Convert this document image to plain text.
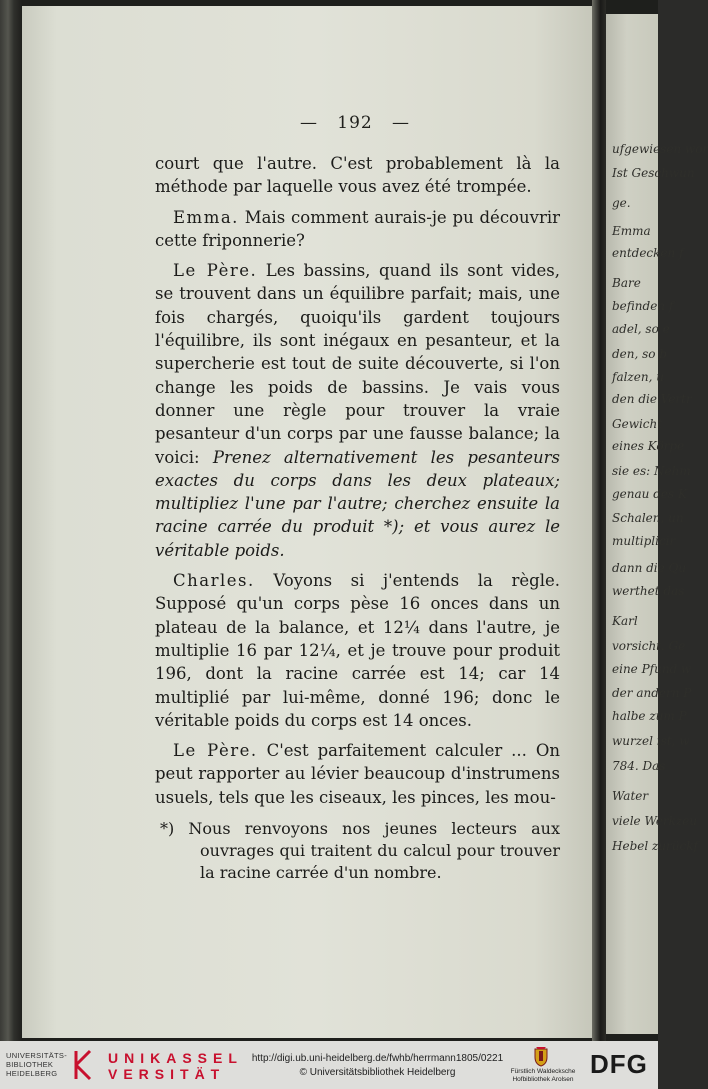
ufgewiesen wor
Ist Geschwun
ge.
Emma
entdecken f
Bare
befinden f
adel, so e
den, so b
falzen, u
den die Vertr
Gewicht
eines Körpe
sie es: Nehm
genau des K
Schalen, un
multiplicir
dann die Qu
werthet das
Karl
vorsicht. Ge
eine Pfund w
der andern P
halbe zum P
wurzel ist, w
784. Das
Water
viele Werkzeu
Hebel zurückf
— 192 —

court que l'autre. C'est probablement là la méthode par laquelle vous avez été trompée.

Emma. Mais comment aurais-je pu découvrir cette friponnerie?

Le Père. Les bassins, quand ils sont vides, se trouvent dans un équilibre parfait; mais, une fois chargés, quoiqu'ils gardent toujours l'équilibre, ils sont inégaux en pesanteur, et la supercherie est tout de suite découverte, si l'on change les poids de bassins. Je vais vous donner une règle pour trouver la vraie pesanteur d'un corps par une fausse balance; la voici: Prenez alternativement les pesanteurs exactes du corps dans les deux plateaux; multipliez l'une par l'autre; cherchez ensuite la racine carrée du produit *); et vous aurez le véritable poids.

Charles. Voyons si j'entends la règle. Supposé qu'un corps pèse 16 onces dans un plateau de la balance, et 12¼ dans l'autre, je multiplie 16 par 12¼, et je trouve pour produit 196, dont la racine carrée est 14; car 14 multiplié par lui-même, donné 196; donc le véritable poids du corps est 14 onces.

Le Père. C'est parfaitement calculer ... On peut rapporter au lévier beaucoup d'instrumens usuels, tels que les ciseaux, les pinces, les mou-

*) Nous renvoyons nos jeunes lecteurs aux ouvrages qui traitent du calcul pour trouver la racine carrée d'un nombre.

UNIVERSITÄTS-BIBLIOTHEK HEIDELBERG
UNIKASSEL
VERSITÄT
http://digi.ub.uni-heidelberg.de/fwhb/herrmann1805/0221
© Universitätsbibliothek Heidelberg	Fürstlich Waldecksche Hofbibliothek Arolsen
DFG
